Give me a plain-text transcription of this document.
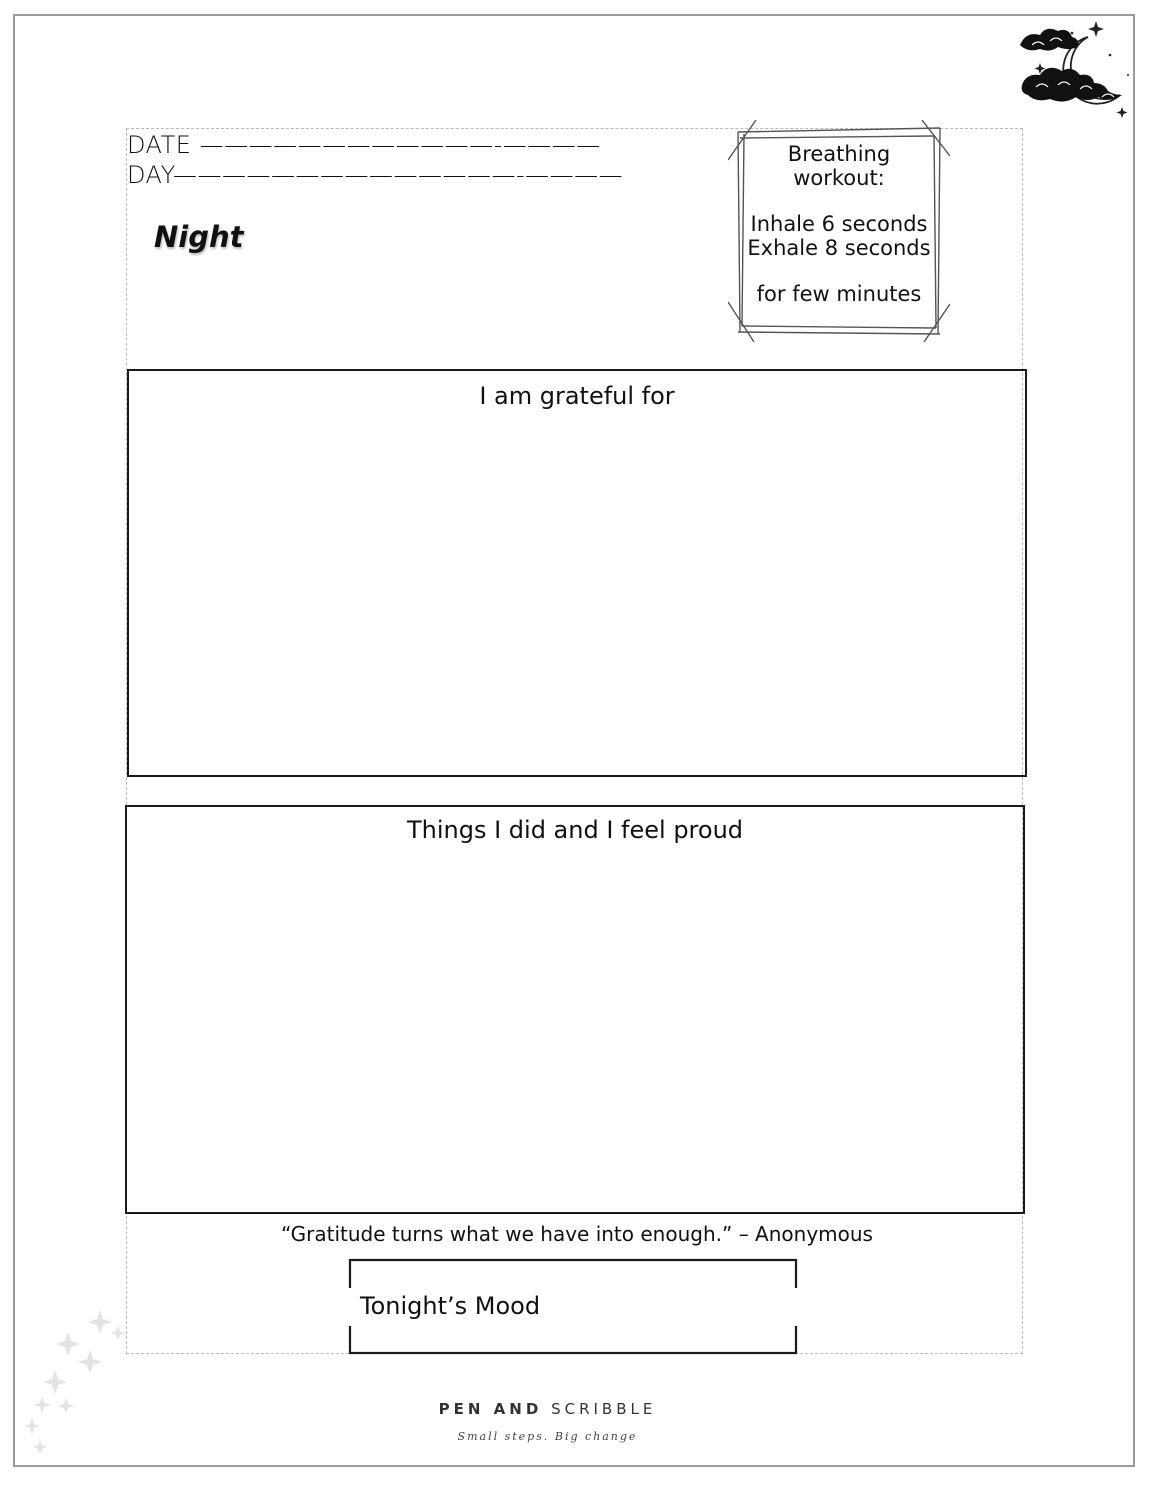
DATE ————————————-————
DAY——————————————-————
Night
Breathing
workout:
Inhale 6 seconds
Exhale 8 seconds
for few minutes
I am grateful for
Things I did and I feel proud
“Gratitude turns what we have into enough.” – Anonymous
Tonight’s Mood
PEN AND SCRIBBLE
Small steps. Big change
